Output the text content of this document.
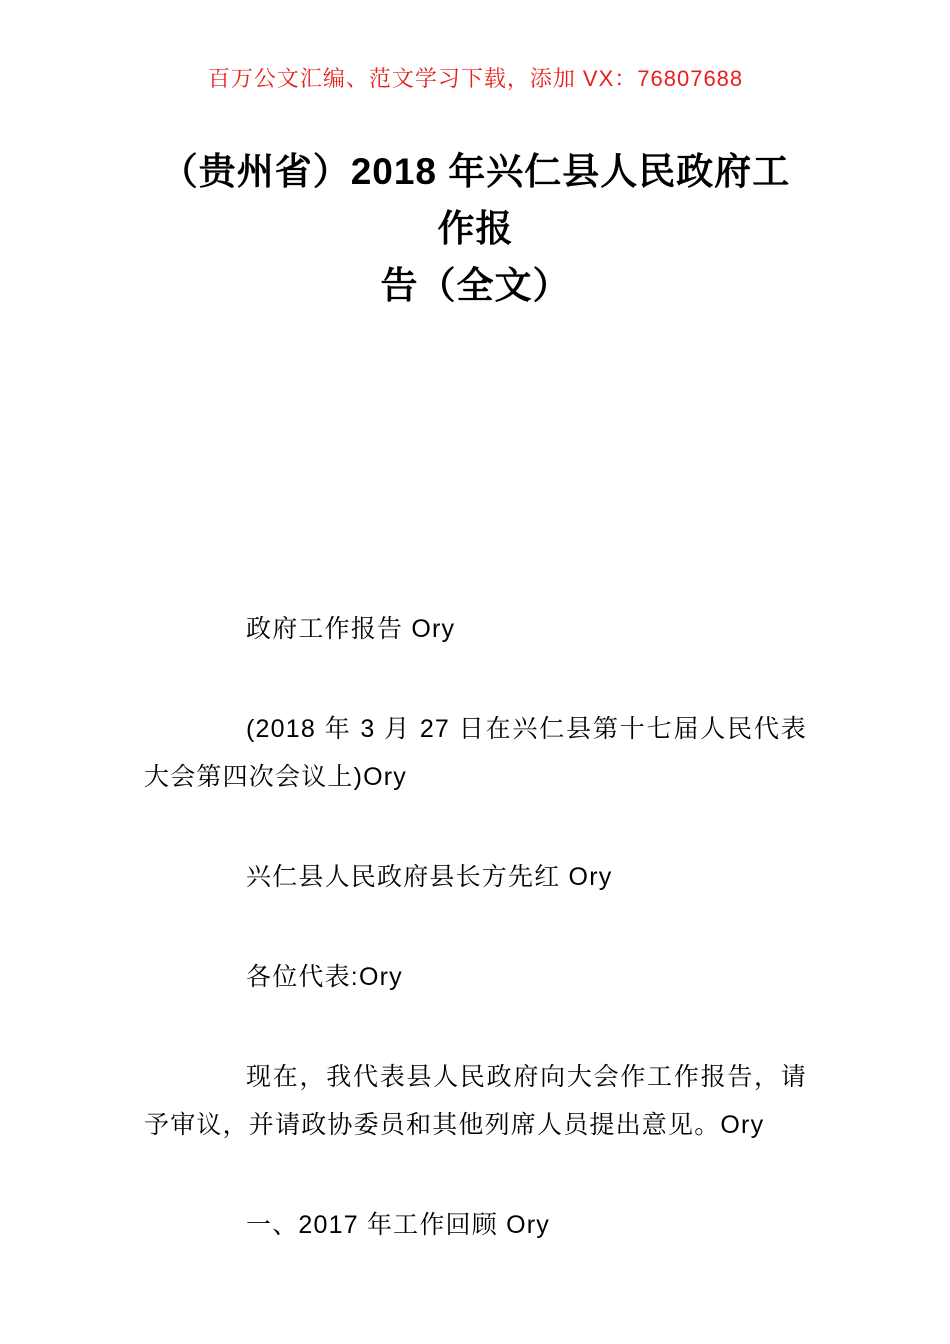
百万公文汇编、范文学习下载，添加 VX：76807688
（贵州省）2018 年兴仁县人民政府工作报
告（全文）

政府工作报告 Ory

(2018 年 3 月 27 日在兴仁县第十七届人民代表大会第四次会议上)Ory

兴仁县人民政府县长方先红 Ory

各位代表:Ory

现在，我代表县人民政府向大会作工作报告，请予审议，并请政协委员和其他列席人员提出意见。Ory

一、2017 年工作回顾 Ory
